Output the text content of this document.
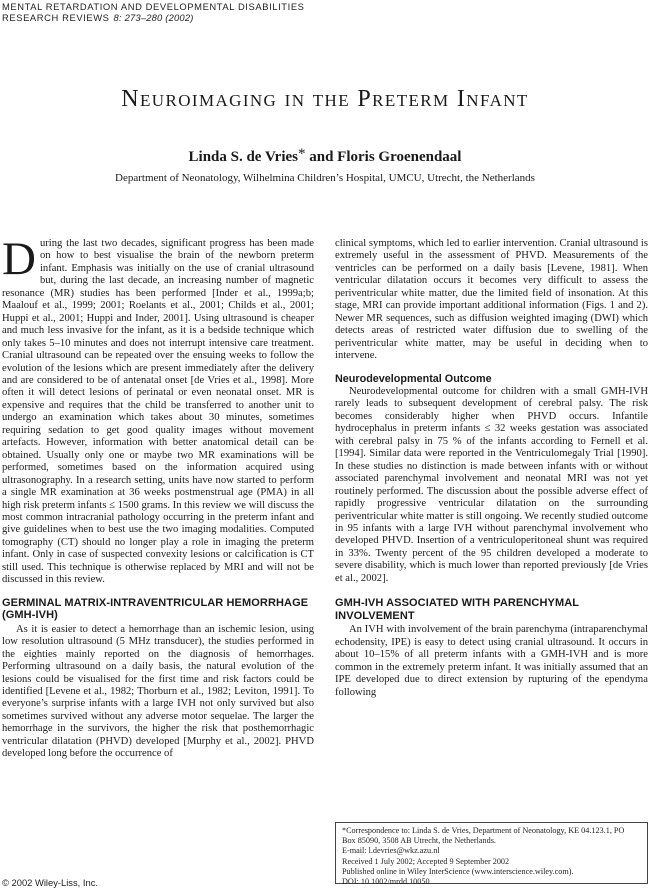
MENTAL RETARDATION AND DEVELOPMENTAL DISABILITIES
RESEARCH REVIEWS 8: 273–280 (2002)
Neuroimaging in the Preterm Infant
Linda S. de Vries* and Floris Groenendaal
Department of Neonatology, Wilhelmina Children’s Hospital, UMCU, Utrecht, the Netherlands

During the last two decades, significant progress has been made on how to best visualise the brain of the newborn preterm infant. Emphasis was initially on the use of cranial ultrasound but, during the last decade, an increasing number of magnetic resonance (MR) studies has been performed [Inder et al., 1999a;b; Maalouf et al., 1999; 2001; Roelants et al., 2001; Childs et al., 2001; Huppi et al., 2001; Huppi and Inder, 2001]. Using ultrasound is cheaper and much less invasive for the infant, as it is a bedside technique which only takes 5–10 minutes and does not interrupt intensive care treatment. Cranial ultrasound can be repeated over the ensuing weeks to follow the evolution of the lesions which are present immediately after the delivery and are considered to be of antenatal onset [de Vries et al., 1998]. More often it will detect lesions of perinatal or even neonatal onset. MR is expensive and requires that the child be transferred to another unit to undergo an examination which takes about 30 minutes, sometimes requiring sedation to get good quality images without movement artefacts. However, information with better anatomical detail can be obtained. Usually only one or maybe two MR examinations will be performed, sometimes based on the information acquired using ultrasonography. In a research setting, units have now started to perform a single MR examination at 36 weeks postmenstrual age (PMA) in all high risk preterm infants ≤ 1500 grams. In this review we will discuss the most common intracranial pathology occurring in the preterm infant and give guidelines when to best use the two imaging modalities. Computed tomography (CT) should no longer play a role in imaging the preterm infant. Only in case of suspected convexity lesions or calcification is CT still used. This technique is otherwise replaced by MRI and will not be discussed in this review.

GERMINAL MATRIX-INTRAVENTRICULAR HEMORRHAGE (GMH-IVH)

As it is easier to detect a hemorrhage than an ischemic lesion, using low resolution ultrasound (5 MHz transducer), the studies performed in the eighties mainly reported on the diagnosis of hemorrhages. Performing ultrasound on a daily basis, the natural evolution of the lesions could be visualised for the first time and risk factors could be identified [Levene et al., 1982; Thorburn et al., 1982; Leviton, 1991]. To everyone’s surprise infants with a large IVH not only survived but also sometimes survived without any adverse motor sequelae. The larger the hemorrhage in the survivors, the higher the risk that posthemorrhagic ventricular dilatation (PHVD) developed [Murphy et al., 2002]. PHVD developed long before the occurrence of

clinical symptoms, which led to earlier intervention. Cranial ultrasound is extremely useful in the assessment of PHVD. Measurements of the ventricles can be performed on a daily basis [Levene, 1981]. When ventricular dilatation occurs it becomes very difficult to assess the periventricular white matter, due the limited field of insonation. At this stage, MRI can provide important additional information (Figs. 1 and 2). Newer MR sequences, such as diffusion weighted imaging (DWI) which detects areas of restricted water diffusion due to swelling of the periventricular white matter, may be useful in deciding when to intervene.

Neurodevelopmental Outcome

Neurodevelopmental outcome for children with a small GMH-IVH rarely leads to subsequent development of cerebral palsy. The risk becomes considerably higher when PHVD occurs. Infantile hydrocephalus in preterm infants ≤ 32 weeks gestation was associated with cerebral palsy in 75 % of the infants according to Fernell et al. [1994]. Similar data were reported in the Ventriculomegaly Trial [1990]. In these studies no distinction is made between infants with or without associated parenchymal involvement and neonatal MRI was not yet routinely performed. The discussion about the possible adverse effect of rapidly progressive ventricular dilatation on the surrounding periventricular white matter is still ongoing. We recently studied outcome in 95 infants with a large IVH without parenchymal involvement who developed PHVD. Insertion of a ventriculoperitoneal shunt was required in 33%. Twenty percent of the 95 children developed a moderate to severe disability, which is much lower than reported previously [de Vries et al., 2002].

GMH-IVH ASSOCIATED WITH PARENCHYMAL INVOLVEMENT

An IVH with involvement of the brain parenchyma (intraparenchymal echodensity, IPE) is easy to detect using cranial ultrasound. It occurs in about 10–15% of all preterm infants with a GMH-IVH and is more common in the extremely preterm infant. It was initially assumed that an IPE developed due to direct extension by rupturing of the ependyma following

*Correspondence to: Linda S. de Vries, Department of Neonatology, KE 04.123.1, PO
Box 85090, 3508 AB Utrecht, the Netherlands.
E-mail: l.devries@wkz.azu.nl
Received 1 July 2002; Accepted 9 September 2002
Published online in Wiley InterScience (www.interscience.wiley.com).
DOI: 10.1002/mrdd.10050
© 2002 Wiley-Liss, Inc.
